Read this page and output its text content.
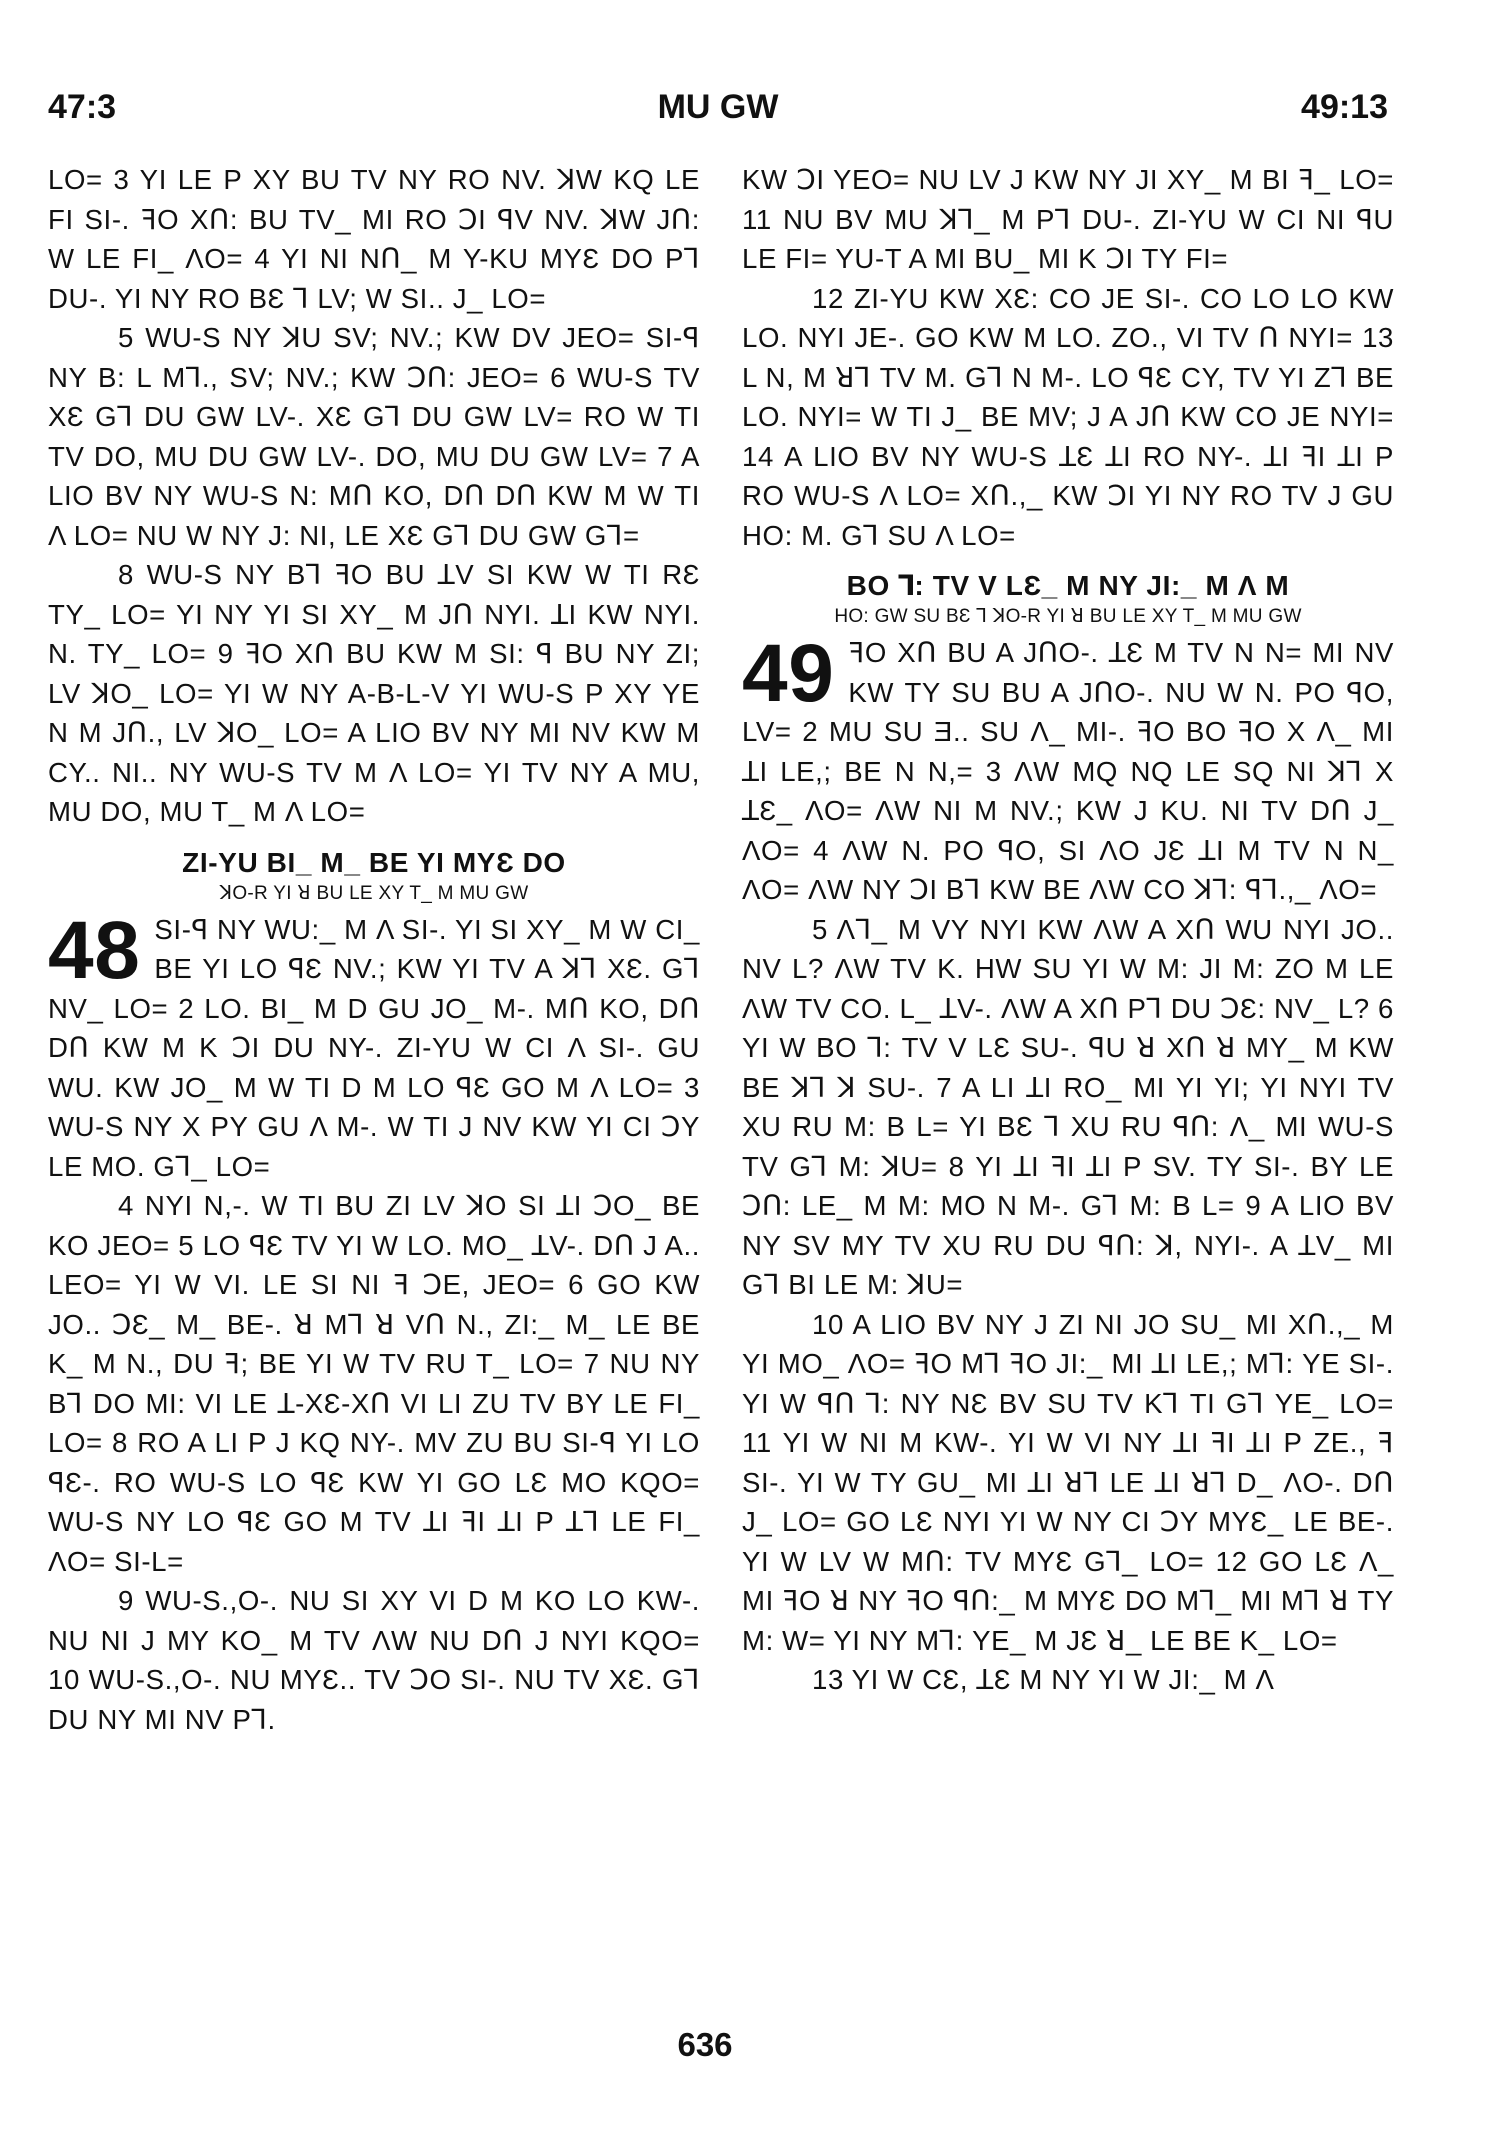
47:3	MU GW	49:13

LO= 3 YI LE P XY BU TV NY RO NV. ꓘW KQ LE FI SI-. ꟻO XՈ: BU TV_ MI RO ꓛI ꟼV NV. ꓘW JՈ: W LE FI_ ΛO= 4 YI NI NՈ_ M Y-KU MYƐ DO Pꓶ DU-. YI NY RO BƐ ꓶ LV; W SI.. J_ LO=

5 WU-S NY ꓘU SV; NV.; KW DV JEO= SI-ꟼ NY B: L Mꓶ., SV; NV.; KW ꓛՈ: JEO= 6 WU-S TV XƐ Gꓶ DU GW LV-. XƐ Gꓶ DU GW LV= RO W TI TV DO, MU DU GW LV-. DO, MU DU GW LV= 7 A LIO BV NY WU-S N: MՈ KO, DՈ DՈ KW M W TI Λ LO= NU W NY J: NI, LE XƐ Gꓶ DU GW Gꓶ=

8 WU-S NY Bꓶ ꟻO BU ꓕV SI KW W TI RƐ TY_ LO= YI NY YI SI XY_ M JՈ NYI. ꓕI KW NYI. N. TY_ LO= 9 ꟻO XՈ BU KW M SI: ꟼ BU NY ZI; LV ꓘO_ LO= YI W NY A-B-L-V YI WU-S P XY YE N M JՈ., LV ꓘO_ LO= A LIO BV NY MI NV KW M CY.. NI.. NY WU-S TV M Λ LO= YI TV NY A MU, MU DO, MU T_ M Λ LO=

ZI-YU BI_ M_ BE YI MYƐ DO
ꓘO-R YI ꓤ BU LE XY T_ M MU GW
48 SI-ꟼ NY WU:_ M Λ SI-. YI SI XY_ M W CI_ BE YI LO ꟼƐ NV.; KW YI TV A ꓘꓶ XƐ. Gꓶ NV_ LO= 2 LO. BI_ M D GU JO_ M-. MՈ KO, DՈ DՈ KW M K ꓛI DU NY-. ZI-YU W CI Λ SI-. GU WU. KW JO_ M W TI D M LO ꟼƐ GO M Λ LO= 3 WU-S NY X PY GU Λ M-. W TI J NV KW YI CI ꓛY LE MO. Gꓶ_ LO=

4 NYI N,-. W TI BU ZI LV ꓘO SI ꓕI ꓛO_ BE KO JEO= 5 LO ꟼƐ TV YI W LO. MO_ ꓕV-. DՈ J A.. LEO= YI W VI. LE SI NI ꟻ ꓛE, JEO= 6 GO KW JO.. ꓛƐ_ M_ BE-. ꓤ Mꓶ ꓤ VՈ N., ZI:_ M_ LE BE K_ M N., DU ꟻ; BE YI W TV RU T_ LO= 7 NU NY Bꓶ DO MI: VI LE ꓕ-XƐ-XՈ VI LI ZU TV BY LE FI_ LO= 8 RO A LI P J KQ NY-. MV ZU BU SI-ꟼ YI LO ꟼƐ-. RO WU-S LO ꟼƐ KW YI GO LƐ MO KQO= WU-S NY LO ꟼƐ GO M TV ꓕI ꟻI ꓕI P ꓕꓶ LE FI_ ΛO= SI-L=

9 WU-S.,O-. NU SI XY VI D M KO LO KW-. NU NI J MY KO_ M TV ΛW NU DՈ J NYI KQO= 10 WU-S.,O-. NU MYƐ.. TV ꓛO SI-. NU TV XƐ. Gꓶ DU NY MI NV Pꓶ.

KW ꓛI YEO= NU LV J KW NY JI XY_ M BI ꟻ_ LO= 11 NU BV MU ꓘꓶ_ M Pꓶ DU-. ZI-YU W CI NI ꟼU LE FI= YU-T A MI BU_ MI K ꓛI TY FI=

12 ZI-YU KW XƐ: CO JE SI-. CO LO LO KW LO. NYI JE-. GO KW M LO. ZO., VI TV Ո NYI= 13 L N, M ꓤꓶ TV M. Gꓶ N M-. LO ꟼƐ CY, TV YI Zꓶ BE LO. NYI= W TI J_ BE MV; J A JՈ KW CO JE NYI= 14 A LIO BV NY WU-S ꓕƐ ꓕI RO NY-. ꓕI ꟻI ꓕI P RO WU-S Λ LO= XՈ.,_ KW ꓛI YI NY RO TV J GU HO: M. Gꓶ SU Λ LO=

BO ꓶ: TV V LƐ_ M NY JI:_ M Λ M
HO: GW SU BƐ ꓶ ꓘO-R YI ꓤ BU LE XY T_ M MU GW
49 ꟻO XՈ BU A JՈO-. ꓕƐ M TV N N= MI NV KW TY SU BU A JՈO-. NU W N. PO ꟼO, LV= 2 MU SU Ǝ.. SU Λ_ MI-. ꟻO BO ꟻO X Λ_ MI ꓕI LE,; BE N N,= 3 ΛW MQ NQ LE SQ NI ꓘꓶ X ꓕƐ_ ΛO= ΛW NI M NV.; KW J KU. NI TV DՈ J_ ΛO= 4 ΛW N. PO ꟼO, SI ΛO JƐ ꓕI M TV N N_ ΛO= ΛW NY ꓛI Bꓶ KW BE ΛW CO ꓘꓶ: ꟼꓶ.,_ ΛO=

5 Λꓶ_ M VY NYI KW ΛW A XՈ WU NYI JO.. NV L? ΛW TV K. HW SU YI W M: JI M: ZO M LE ΛW TV CO. L_ ꓕV-. ΛW A XՈ Pꓶ DU ꓛƐ: NV_ L? 6 YI W BO ꓶ: TV V LƐ SU-. ꟼU ꓤ XՈ ꓤ MY_ M KW BE ꓘꓶ ꓘ SU-. 7 A LI ꓕI RO_ MI YI YI; YI NYI TV XU RU M: B L= YI BƐ ꓶ XU RU ꟼՈ: Λ_ MI WU-S TV Gꓶ M: ꓘU= 8 YI ꓕI ꟻI ꓕI P SV. TY SI-. BY LE ꓛՈ: LE_ M M: MO N M-. Gꓶ M: B L= 9 A LIO BV NY SV MY TV XU RU DU ꟼՈ: ꓘ, NYI-. A ꓕV_ MI Gꓶ BI LE M: ꓘU=

10 A LIO BV NY J ZI NI JO SU_ MI XՈ.,_ M YI MO_ ΛO= ꟻO Mꓶ ꟻO JI:_ MI ꓕI LE,; Mꓶ: YE SI-. YI W ꟼՈ ꓶ: NY NƐ BV SU TV Kꓶ TI Gꓶ YE_ LO= 11 YI W NI M KW-. YI W VI NY ꓕI ꟻI ꓕI P ZE., ꟻ SI-. YI W TY GU_ MI ꓕI ꓤꓶ LE ꓕI ꓤꓶ D_ ΛO-. DՈ J_ LO= GO LƐ NYI YI W NY CI ꓛY MYƐ_ LE BE-. YI W LV W MՈ: TV MYƐ Gꓶ_ LO= 12 GO LƐ Λ_ MI ꟻO ꓤ NY ꟻO ꟼՈ:_ M MYƐ DO Mꓶ_ MI Mꓶ ꓤ TY M: W= YI NY Mꓶ: YE_ M JƐ ꓤ_ LE BE K_ LO=

13 YI W CƐ, ꓕƐ M NY YI W JI:_ M Λ

636
